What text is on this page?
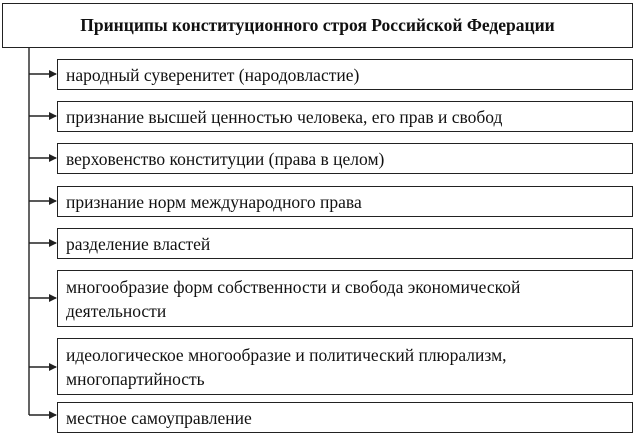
Принципы конституционного строя Российской Федерации
народный суверенитет (народовластие)
признание высшей ценностью человека, его прав и свобод
верховенство конституции (права в целом)
признание норм международного права
разделение властей
многообразие форм собственности и свобода экономической деятельности
идеологическое многообразие и политический плюрализм, многопартийность
местное самоуправление
